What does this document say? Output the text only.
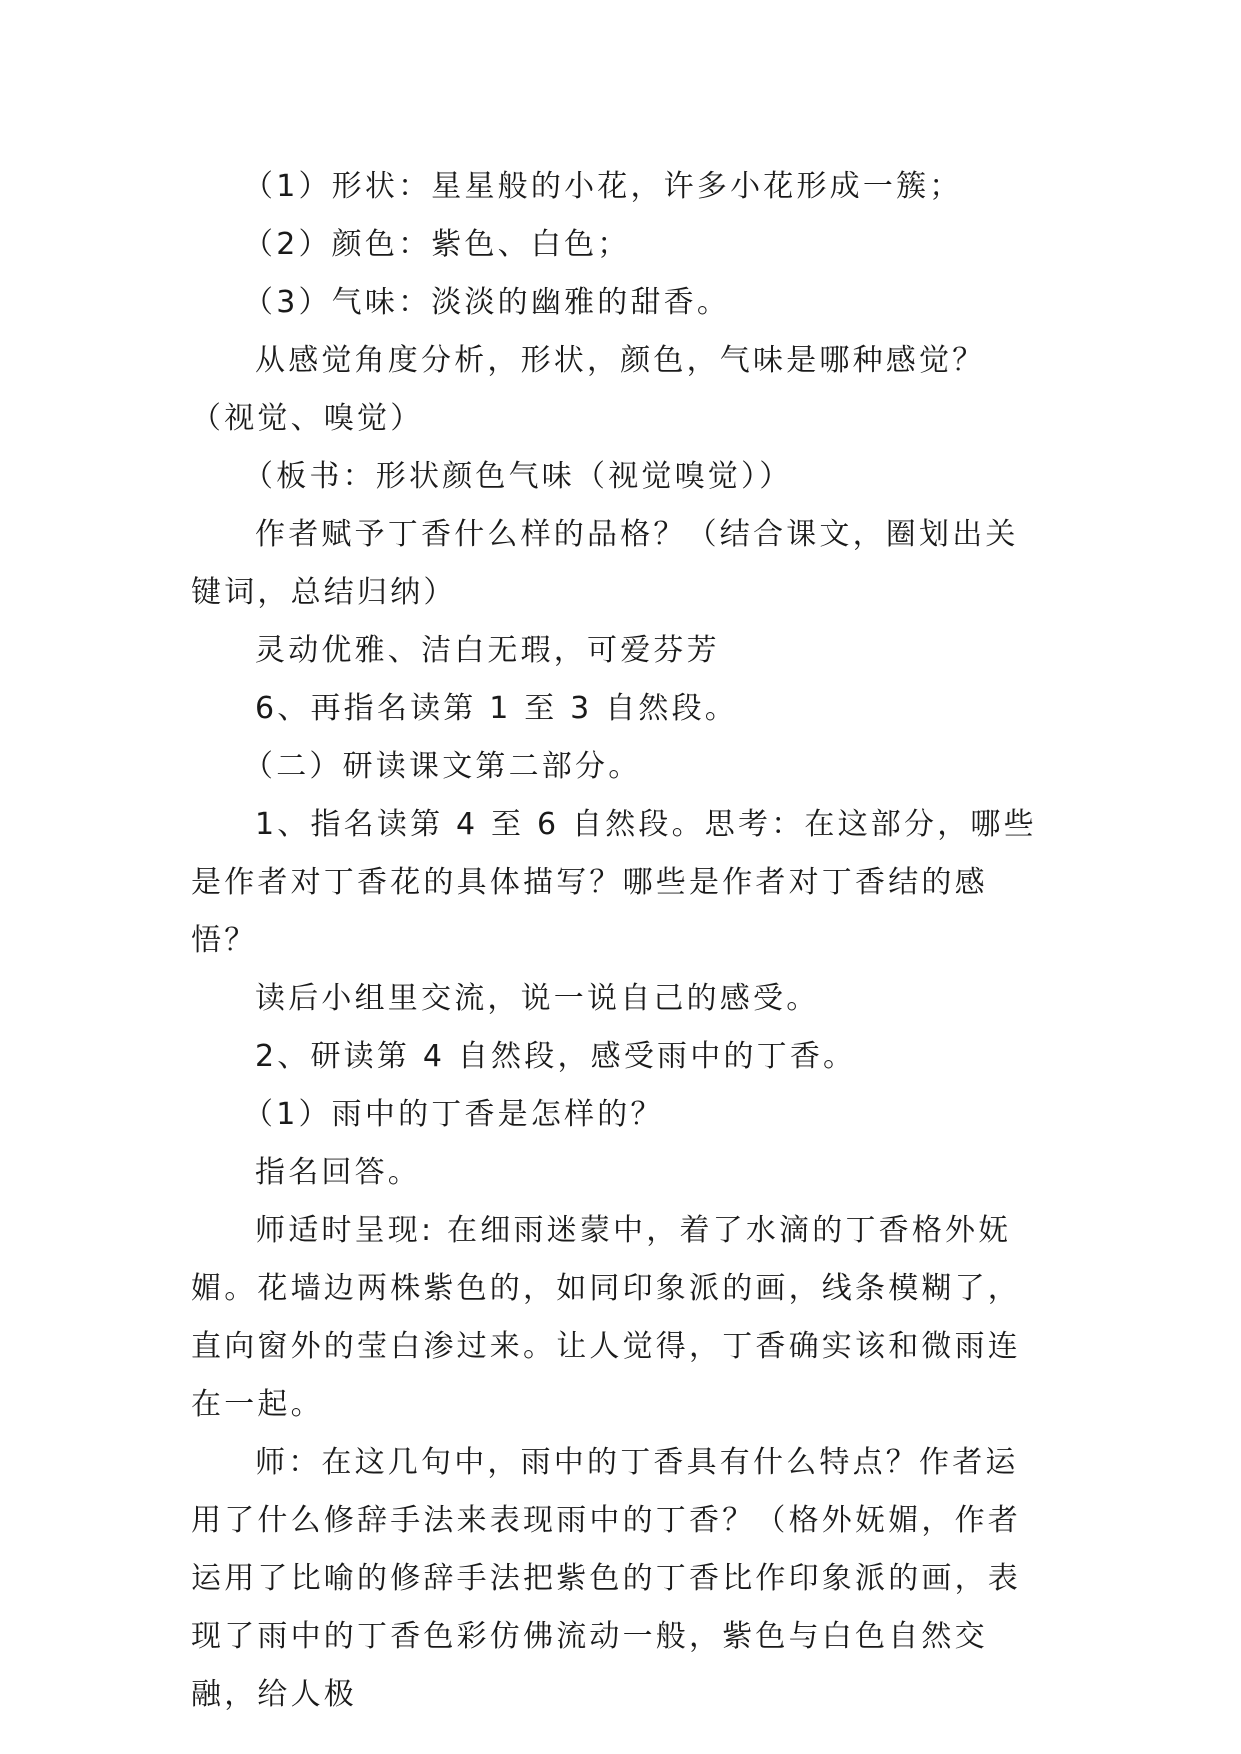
（1）形状：星星般的小花，许多小花形成一簇；

（2）颜色：紫色、白色；

（3）气味：淡淡的幽雅的甜香。

从感觉角度分析，形状，颜色，气味是哪种感觉？（视觉、嗅觉）

（板书：形状颜色气味（视觉嗅觉））

作者赋予丁香什么样的品格？（结合课文，圈划出关键词，总结归纳）

灵动优雅、洁白无瑕，可爱芬芳

6、再指名读第 1 至 3 自然段。

（二）研读课文第二部分。

1、指名读第 4 至 6 自然段。思考：在这部分，哪些是作者对丁香花的具体描写？哪些是作者对丁香结的感悟？

读后小组里交流，说一说自己的感受。

2、研读第 4 自然段，感受雨中的丁香。

（1）雨中的丁香是怎样的？

指名回答。

师适时呈现: 在细雨迷蒙中，着了水滴的丁香格外妩媚。花墙边两株紫色的，如同印象派的画，线条模糊了，直向窗外的莹白渗过来。让人觉得，丁香确实该和微雨连在一起。

师：在这几句中，雨中的丁香具有什么特点？作者运用了什么修辞手法来表现雨中的丁香？（格外妩媚，作者运用了比喻的修辞手法把紫色的丁香比作印象派的画，表现了雨中的丁香色彩仿佛流动一般，紫色与白色自然交融，给人极
